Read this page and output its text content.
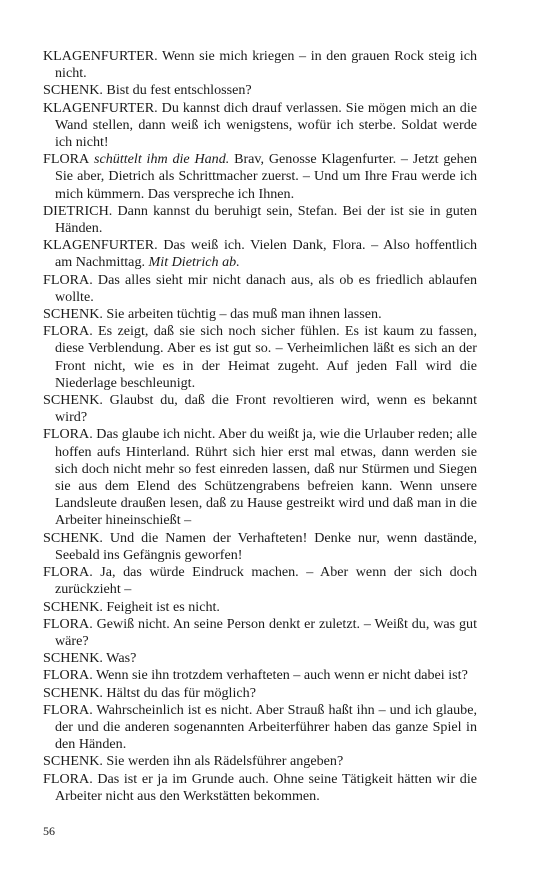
KLAGENFURTER. Wenn sie mich kriegen – in den grauen Rock steig ich nicht.

SCHENK. Bist du fest entschlossen?

KLAGENFURTER. Du kannst dich drauf verlassen. Sie mögen mich an die Wand stellen, dann weiß ich wenigstens, wofür ich sterbe. Soldat werde ich nicht!

FLORA schüttelt ihm die Hand. Brav, Genosse Klagenfurter. – Jetzt gehen Sie aber, Dietrich als Schrittmacher zuerst. – Und um Ihre Frau werde ich mich kümmern. Das verspreche ich Ihnen.

DIETRICH. Dann kannst du beruhigt sein, Stefan. Bei der ist sie in guten Händen.

KLAGENFURTER. Das weiß ich. Vielen Dank, Flora. – Also hoffentlich am Nachmittag. Mit Dietrich ab.

FLORA. Das alles sieht mir nicht danach aus, als ob es friedlich ablaufen wollte.

SCHENK. Sie arbeiten tüchtig – das muß man ihnen lassen.

FLORA. Es zeigt, daß sie sich noch sicher fühlen. Es ist kaum zu fassen, diese Verblendung. Aber es ist gut so. – Verheimlichen läßt es sich an der Front nicht, wie es in der Heimat zugeht. Auf jeden Fall wird die Niederlage beschleunigt.

SCHENK. Glaubst du, daß die Front revoltieren wird, wenn es bekannt wird?

FLORA. Das glaube ich nicht. Aber du weißt ja, wie die Urlauber reden; alle hoffen aufs Hinterland. Rührt sich hier erst mal etwas, dann werden sie sich doch nicht mehr so fest einreden lassen, daß nur Stürmen und Siegen sie aus dem Elend des Schützengrabens befreien kann. Wenn unsere Landsleute draußen lesen, daß zu Hause gestreikt wird und daß man in die Arbeiter hineinschießt –

SCHENK. Und die Namen der Verhafteten! Denke nur, wenn daständе, Seebald ins Gefängnis geworfen!

FLORA. Ja, das würde Eindruck machen. – Aber wenn der sich doch zurückzieht –

SCHENK. Feigheit ist es nicht.

FLORA. Gewiß nicht. An seine Person denkt er zuletzt. – Weißt du, was gut wäre?

SCHENK. Was?

FLORA. Wenn sie ihn trotzdem verhafteten – auch wenn er nicht dabei ist?

SCHENK. Hältst du das für möglich?

FLORA. Wahrscheinlich ist es nicht. Aber Strauß haßt ihn – und ich glaube, der und die anderen sogenannten Arbeiterführer haben das ganze Spiel in den Händen.

SCHENK. Sie werden ihn als Rädelsführer angeben?

FLORA. Das ist er ja im Grunde auch. Ohne seine Tätigkeit hätten wir die Arbeiter nicht aus den Werkstätten bekommen.

56
